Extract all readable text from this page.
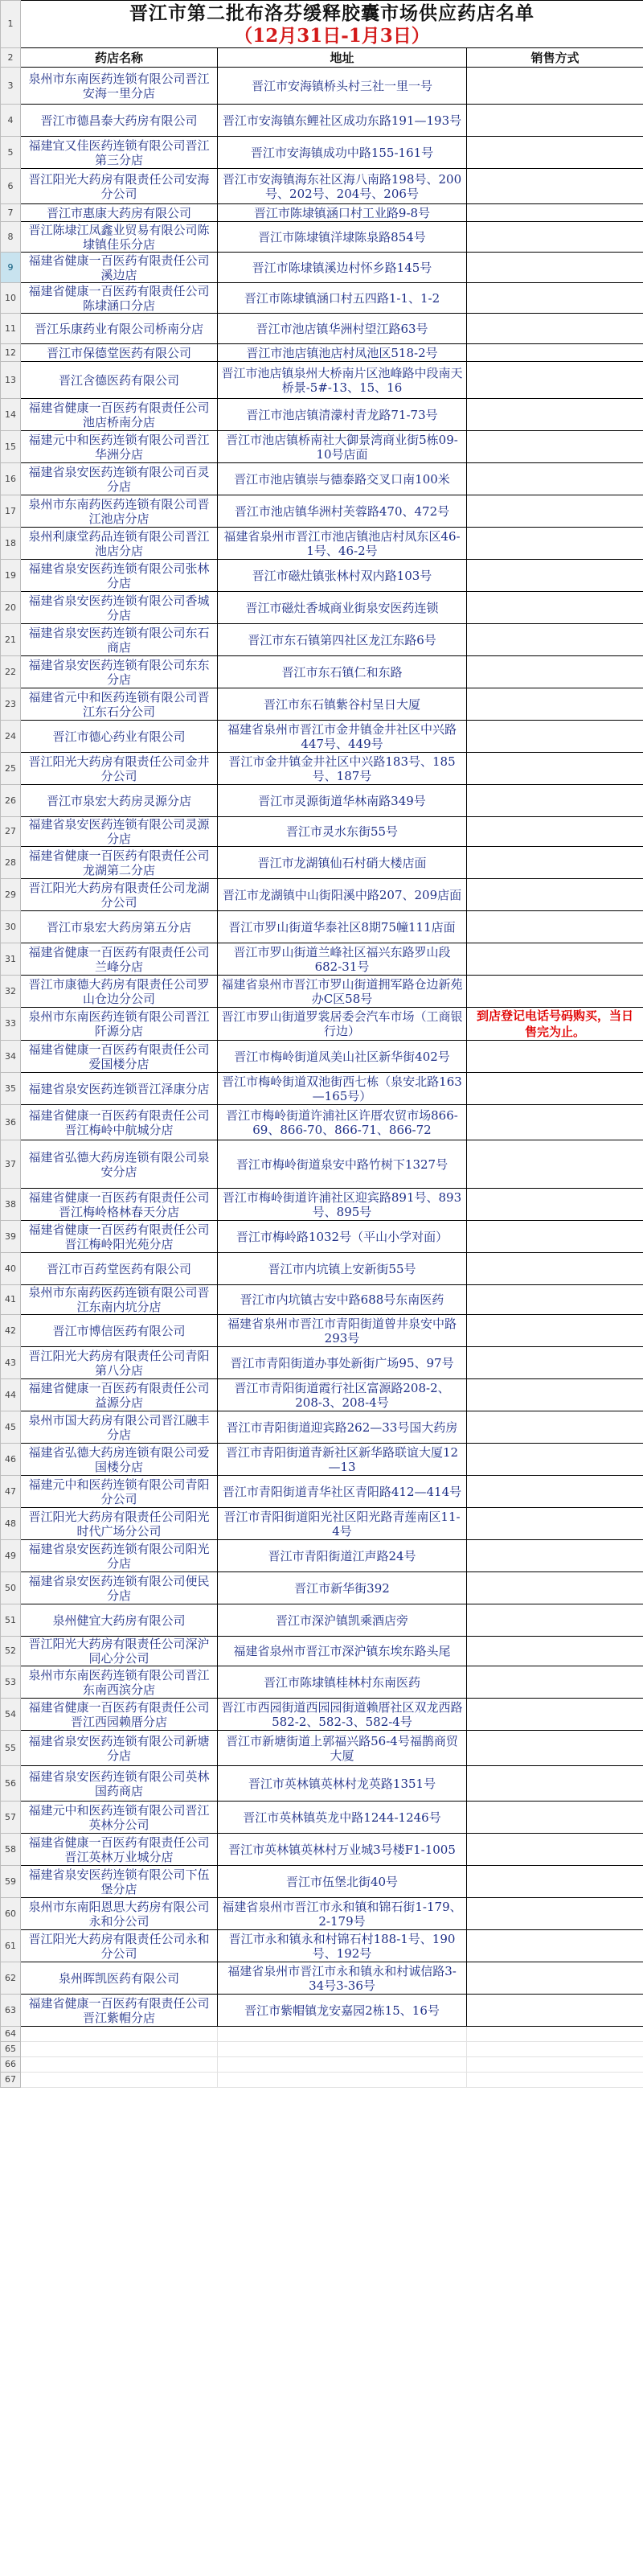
1	晋江市第二批布洛芬缓释胶囊市场供应药店名单
（12月31日-1月3日）		

2	药店名称	地址	销售方式
3	泉州市东南医药连锁有限公司晋江安海一里分店	晋江市安海镇桥头村三社一里一号	
4	晋江市德昌泰大药房有限公司	晋江市安海镇东鲤社区成功东路191—193号	
5	福建宜又佳医药连锁有限公司晋江第三分店	晋江市安海镇成功中路155-161号	
6	晋江阳光大药房有限责任公司安海分公司	晋江市安海镇海东社区海八南路198号、200号、202号、204号、206号	
7	晋江市惠康大药房有限公司	晋江市陈埭镇涵口村工业路9-8号	
8	晋江陈埭江凤鑫业贸易有限公司陈埭镇佳乐分店	晋江市陈埭镇洋埭陈泉路854号	
9	福建省健康一百医药有限责任公司溪边店	晋江市陈埭镇溪边村怀乡路145号	
10	福建省健康一百医药有限责任公司陈埭涵口分店	晋江市陈埭镇涵口村五四路1-1、1-2	
11	晋江乐康药业有限公司桥南分店	晋江市池店镇华洲村望江路63号	
12	晋江市保德堂医药有限公司	晋江市池店镇池店村凤池区518-2号	
13	晋江含德医药有限公司	晋江市池店镇泉州大桥南片区池峰路中段南天桥景-5#-13、15、16	
14	福建省健康一百医药有限责任公司池店桥南分店	晋江市池店镇清濛村青龙路71-73号	
15	福建元中和医药连锁有限公司晋江华洲分店	晋江市池店镇桥南社大御景湾商业街5栋09-10号店面	
16	福建省泉安医药连锁有限公司百灵分店	晋江市池店镇崇与德泰路交叉口南100米	
17	泉州市东南药医药连锁有限公司晋江池店分店	晋江市池店镇华洲村芙蓉路470、472号	
18	泉州利康堂药品连锁有限公司晋江池店分店	福建省泉州市晋江市池店镇池店村凤东区46-1号、46-2号	
19	福建省泉安医药连锁有限公司张林分店	晋江市磁灶镇张林村双内路103号	
20	福建省泉安医药连锁有限公司香城分店	晋江市磁灶香城商业街泉安医药连锁	
21	福建省泉安医药连锁有限公司东石商店	晋江市东石镇第四社区龙江东路6号	
22	福建省泉安医药连锁有限公司东东分店	晋江市东石镇仁和东路	
23	福建省元中和医药连锁有限公司晋江东石分公司	晋江市东石镇紫谷村呈日大厦	
24	晋江市德心药业有限公司	福建省泉州市晋江市金井镇金井社区中兴路447号、449号	
25	晋江阳光大药房有限责任公司金井分公司	晋江市金井镇金井社区中兴路183号、185号、187号	
26	晋江市泉宏大药房灵源分店	晋江市灵源街道华林南路349号	
27	福建省泉安医药连锁有限公司灵源分店	晋江市灵水东街55号	
28	福建省健康一百医药有限责任公司龙湖第二分店	晋江市龙湖镇仙石村硝大楼店面	
29	晋江阳光大药房有限责任公司龙湖分公司	晋江市龙湖镇中山街阳溪中路207、209店面	
30	晋江市泉宏大药房第五分店	晋江市罗山街道华泰社区8期75幢111店面	
31	福建省健康一百医药有限责任公司兰峰分店	晋江市罗山街道兰峰社区福兴东路罗山段682-31号	
32	晋江市康德大药房有限责任公司罗山仓边分公司	福建省泉州市晋江市罗山街道拥军路仓边新苑办C区58号	
33	泉州市东南医药连锁有限公司晋江阡源分店	晋江市罗山街道罗裳居委会汽车市场（工商银行边）	到店登记电话号码购买，当日售完为止。
34	福建省健康一百医药有限责任公司爱国楼分店	晋江市梅岭街道凤美山社区新华街402号	
35	福建省泉安医药连锁晋江泽康分店	晋江市梅岭街道双池街西七栋（泉安北路163—165号）	
36	福建省健康一百医药有限责任公司晋江梅岭中航城分店	晋江市梅岭街道许浦社区许厝农贸市场866-69、866-70、866-71、866-72	
37	福建省弘德大药房连锁有限公司泉安分店	晋江市梅岭街道泉安中路竹树下1327号	
38	福建省健康一百医药有限责任公司晋江梅岭格林春天分店	晋江市梅岭街道许浦社区迎宾路891号、893号、895号	
39	福建省健康一百医药有限责任公司晋江梅岭阳光苑分店	晋江市梅岭路1032号（平山小学对面）	
40	晋江市百药堂医药有限公司	晋江市内坑镇上安新街55号	
41	泉州市东南药医药连锁有限公司晋江东南内坑分店	晋江市内坑镇古安中路688号东南医药	
42	晋江市博信医药有限公司	福建省泉州市晋江市青阳街道曾井泉安中路293号	
43	晋江阳光大药房有限责任公司青阳第八分店	晋江市青阳街道办事处新街广场95、97号	
44	福建省健康一百医药有限责任公司益源分店	晋江市青阳街道霞行社区富源路208-2、208-3、208-4号	
45	泉州市国大药房有限公司晋江融丰分店	晋江市青阳街道迎宾路262—33号国大药房	
46	福建省弘德大药房连锁有限公司爱国楼分店	晋江市青阳街道青新社区新华路联谊大厦12—13	
47	福建元中和医药连锁有限公司青阳分公司	晋江市青阳街道青华社区青阳路412—414号	
48	晋江阳光大药房有限责任公司阳光时代广场分公司	晋江市青阳街道阳光社区阳光路青莲南区11-4号	
49	福建省泉安医药连锁有限公司阳光分店	晋江市青阳街道江声路24号	
50	福建省泉安医药连锁有限公司便民分店	晋江市新华街392	
51	泉州健宜大药房有限公司	晋江市深沪镇凯乘酒店旁	
52	晋江阳光大药房有限责任公司深沪同心分公司	福建省泉州市晋江市深沪镇东埃东路头尾	
53	泉州市东南医药连锁有限公司晋江东南西滨分店	晋江市陈埭镇桂林村东南医药	
54	福建省健康一百医药有限责任公司晋江西园赖厝分店	晋江市西园街道西园园街道赖厝社区双龙西路582-2、582-3、582-4号	
55	福建省泉安医药连锁有限公司新塘分店	晋江市新塘街道上郭福兴路56-4号福鹊商贸大厦	
56	福建省泉安医药连锁有限公司英林国药商店	晋江市英林镇英林村龙英路1351号	
57	福建元中和医药连锁有限公司晋江英林分公司	晋江市英林镇英龙中路1244-1246号	
58	福建省健康一百医药有限责任公司晋江英林万业城分店	晋江市英林镇英林村万业城3号楼F1-1005	
59	福建省泉安医药连锁有限公司下伍堡分店	晋江市伍堡北街40号	
60	泉州市东南阳恩思大药房有限公司永和分公司	福建省泉州市晋江市永和镇和锦石街1-179、2-179号	
61	晋江阳光大药房有限责任公司永和分公司	晋江市永和镇永和村锦石村188-1号、190号、192号	
62	泉州晖凯医药有限公司	福建省泉州市晋江市永和镇永和村诚信路3-34号3-36号	
63	福建省健康一百医药有限责任公司晋江紫帽分店	晋江市紫帽镇龙安嘉园2栋15、16号	
64			
65			
66			
67			
